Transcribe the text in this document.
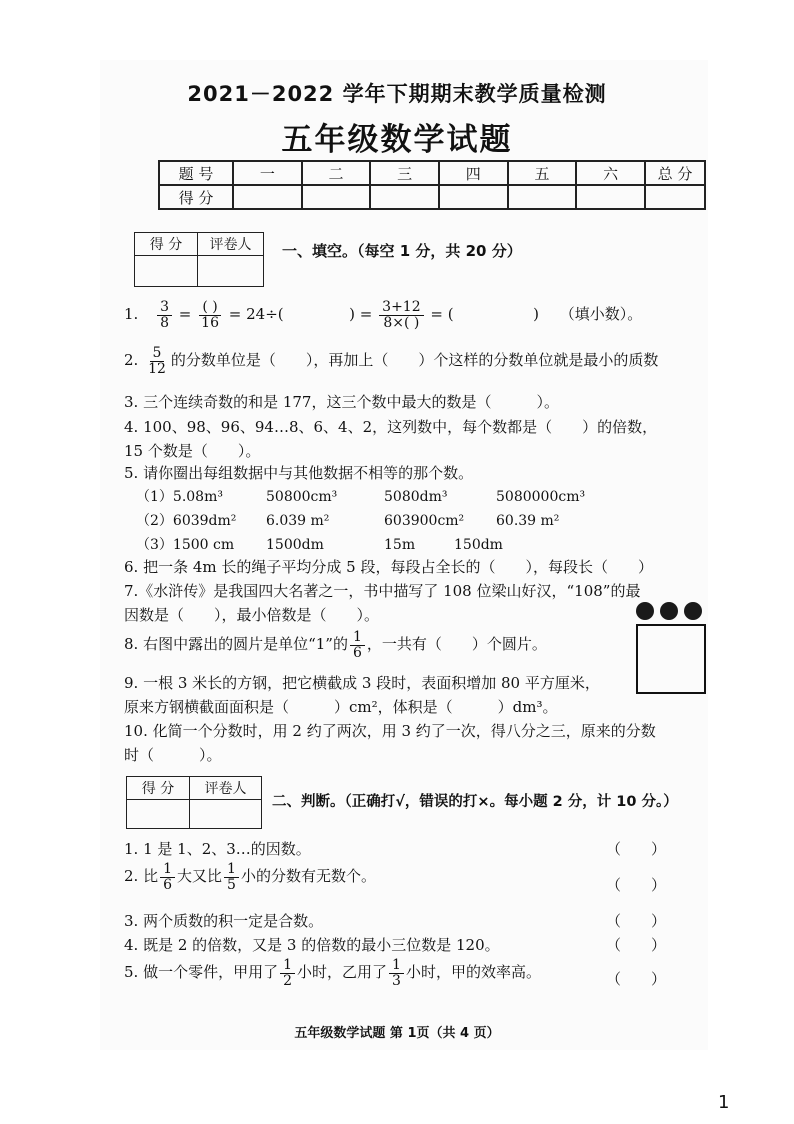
2021－2022 学年下期期末教学质量检测
五年级数学试题
题 号	一	二	三	四	五	六	总 分
得 分							
得 分	评卷人
	一、填空。（每空 1 分，共 20 分）
1. $\frac{3}{8} = \frac{( )}{16} = 24\div$(	) = $\frac{3+12}{8\times( )}$ = (	) （填小数）。
2. $\frac{5}{12}$ 的分数单位是（　　），再加上（　　）个这样的分数单位就是最小的质数
3. 三个连续奇数的和是 177，这三个数中最大的数是（　　　）。
4. 100、98、96、94…8、6、4、2，这列数中，每个数都是（　　）的倍数，
15 个数是（　　）。
5. 请你圈出每组数据中与其他数据不相等的那个数。
（1）5.08m³	50800cm³	5080dm³	5080000cm³
（2）6039dm² 6.039 m²	603900cm² 60.39 m²
（3）1500 cm 1500dm	15m	150dm
6. 把一条 4m 长的绳子平均分成 5 段，每段占全长的（　　），每段长（　　）
7.《水浒传》是我国四大名著之一，书中描写了 108 位梁山好汉，“108”的最
因数是（　　），最小倍数是（　　）。
8. 右图中露出的圆片是单位“1”的 $\frac{1}{6}$ ，一共有（　　）个圆片。
9. 一根 3 米长的方钢，把它横截成 3 段时，表面积增加 80 平方厘米，
原来方钢横截面面积是（　　　）cm²，体积是（　　　）dm³。
10. 化简一个分数时，用 2 约了两次，用 3 约了一次，得八分之三，原来的分数
时（　　　）。
得 分	评卷人

二、判断。（正确打√，错误的打×。每小题 2 分，计 10 分。）
1. 1 是 1、2、3…的因数。	（　　）
2. 比 $\frac{1}{6}$ 大又比 $\frac{1}{5}$ 小的分数有无数个。	（　　）
3. 两个质数的积一定是合数。	（　　）
4. 既是 2 的倍数，又是 3 的倍数的最小三位数是 120。	（　　）
5. 做一个零件，甲用了 $\frac{1}{2}$ 小时，乙用了 $\frac{1}{3}$ 小时，甲的效率高。	（　　）
五年级数学试题 第 1页（共 4 页）
1
